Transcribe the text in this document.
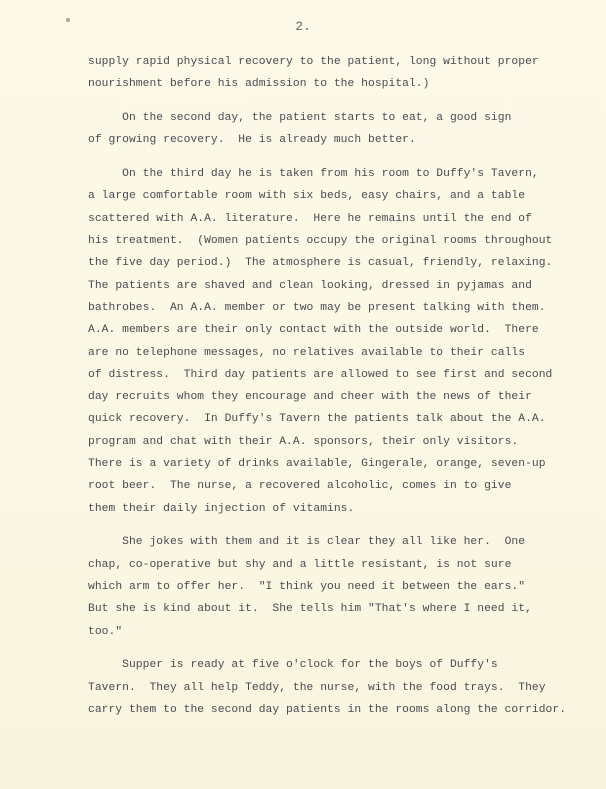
2.
supply rapid physical recovery to the patient, long without proper
nourishment before his admission to the hospital.)
On the second day, the patient starts to eat, a good sign
of growing recovery.  He is already much better.
On the third day he is taken from his room to Duffy's Tavern,
a large comfortable room with six beds, easy chairs, and a table
scattered with A.A. literature.  Here he remains until the end of
his treatment.  (Women patients occupy the original rooms throughout
the five day period.)  The atmosphere is casual, friendly, relaxing.
The patients are shaved and clean looking, dressed in pyjamas and
bathrobes.  An A.A. member or two may be present talking with them.
A.A. members are their only contact with the outside world.  There
are no telephone messages, no relatives available to their calls
of distress.  Third day patients are allowed to see first and second
day recruits whom they encourage and cheer with the news of their
quick recovery.  In Duffy's Tavern the patients talk about the A.A.
program and chat with their A.A. sponsors, their only visitors.
There is a variety of drinks available, Gingerale, orange, seven-up
root beer.  The nurse, a recovered alcoholic, comes in to give
them their daily injection of vitamins.
She jokes with them and it is clear they all like her.  One
chap, co-operative but shy and a little resistant, is not sure
which arm to offer her.  "I think you need it between the ears."
But she is kind about it.  She tells him "That's where I need it,
too."
Supper is ready at five o'clock for the boys of Duffy's
Tavern.  They all help Teddy, the nurse, with the food trays.  They
carry them to the second day patients in the rooms along the corridor.
